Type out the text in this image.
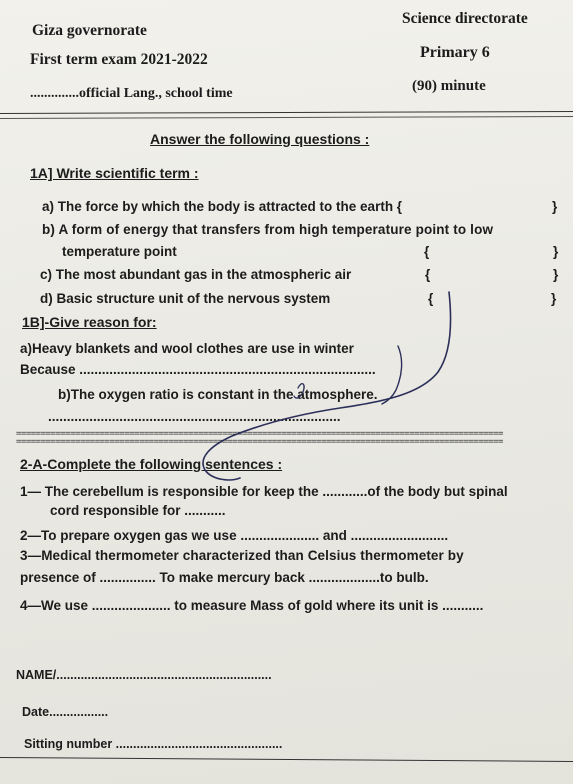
Giza governorate
First term exam 2021-2022
..............official Lang., school time
Science directorate
Primary 6
(90) minute
Answer the following questions :
1A] Write scientific term :
a) The force by which the body is attracted to the earth {	}
b) A form of energy that transfers from high temperature point to low
temperature point	{	}
c) The most abundant gas in the atmospheric air	{	}
d) Basic structure unit of the nervous system	{	}
1B]-Give reason for:
a)Heavy blankets and wool clothes are use in winter
Because ...............................................................................
b)The oxygen ratio is constant in the atmosphere.
..............................................................................
===================================================================================================
===================================================================================================
2-A-Complete the following sentences :
1— The cerebellum is responsible for keep the ............of the body but spinal
cord responsible for ...........
2—To prepare oxygen gas we use ..................... and ..........................
3—Medical thermometer characterized than Celsius thermometer by
presence of ............... To make mercury back ...................to bulb.
4—We use ..................... to measure Mass of gold where its unit is ...........
NAME/..............................................................
Date.................
Sitting number ................................................
